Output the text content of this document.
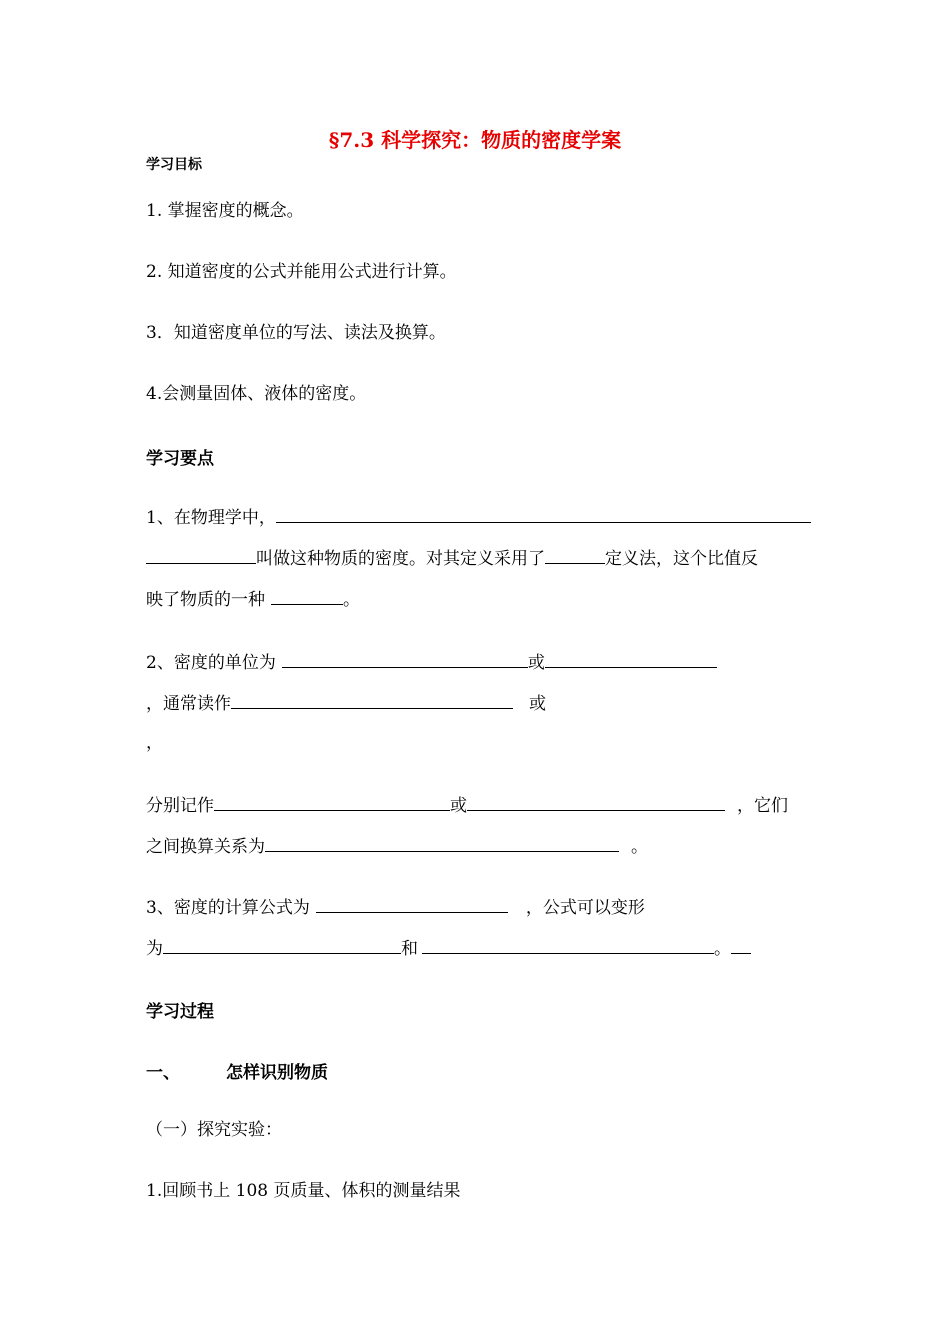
§7.3 科学探究：物质的密度学案
学习目标
1. 掌握密度的概念。
2. 知道密度的公式并能用公式进行计算。
3．知道密度单位的写法、读法及换算。
4.会测量固体、液体的密度。
学习要点
1、在物理学中，
叫做这种物质的密度。对其定义采用了	定义法，这个比值反
映了物质的一种	。
2、密度的单位为	或
，通常读作	或
，
分别记作	或	，它们
之间换算关系为	。
3、密度的计算公式为	，公式可以变形
为	和	。
学习过程
一、	怎样识别物质
（一）探究实验：
1.回顾书上 108 页质量、体积的测量结果
